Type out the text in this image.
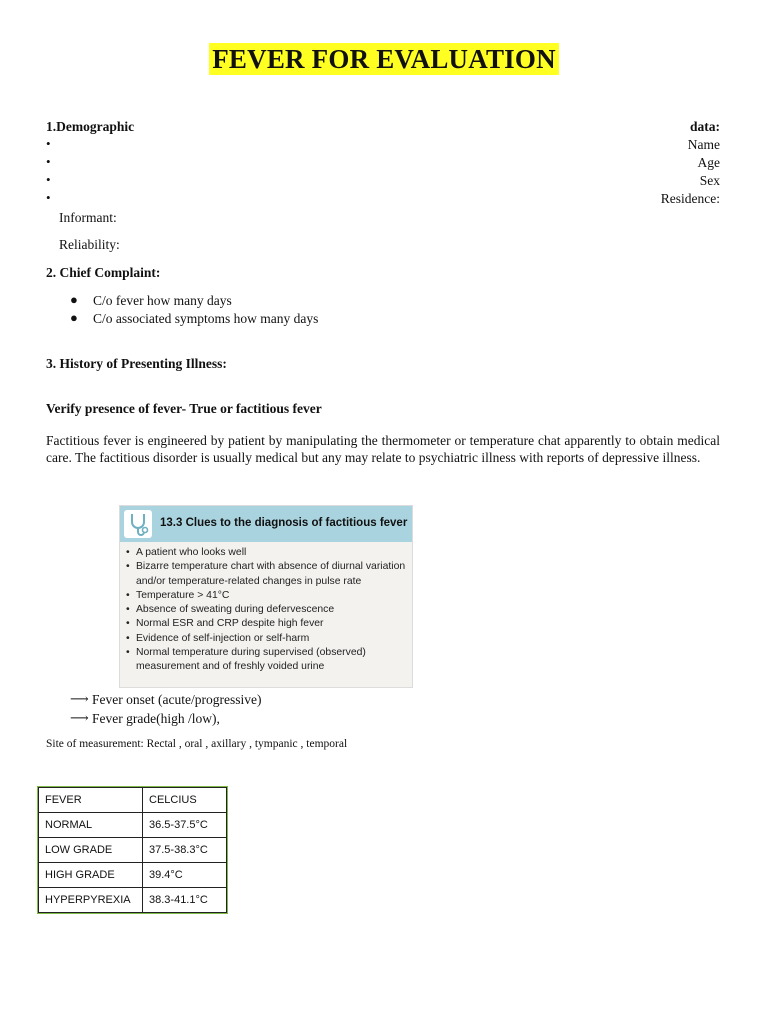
FEVER FOR EVALUATION
1.Demographic	data:
•	Name
•	Age
•	Sex
•	Residence:
Informant:
Reliability:
2. Chief Complaint:
● C/o fever how many days
● C/o associated symptoms how many days
3. History of Presenting Illness:
Verify presence of fever- True or factitious fever
Factitious fever is engineered by patient by manipulating the thermometer or temperature chat apparently to obtain medical care. The factitious disorder is usually medical but any may relate to psychiatric illness with reports of depressive illness.
13.3 Clues to the diagnosis of factitious fever
• A patient who looks well
• Bizarre temperature chart with absence of diurnal variation and/or temperature-related changes in pulse rate
• Temperature > 41°C
• Absence of sweating during defervescence
• Normal ESR and CRP despite high fever
• Evidence of self-injection or self-harm
• Normal temperature during supervised (observed) measurement and of freshly voided urine
⟶ Fever onset (acute/progressive)
⟶ Fever grade(high /low),
Site of measurement: Rectal , oral , axillary , tympanic , temporal
FEVER	CELCIUS
NORMAL	36.5-37.5°C
LOW GRADE	37.5-38.3°C
HIGH GRADE	39.4°C
HYPERPYREXIA	38.3-41.1°C
